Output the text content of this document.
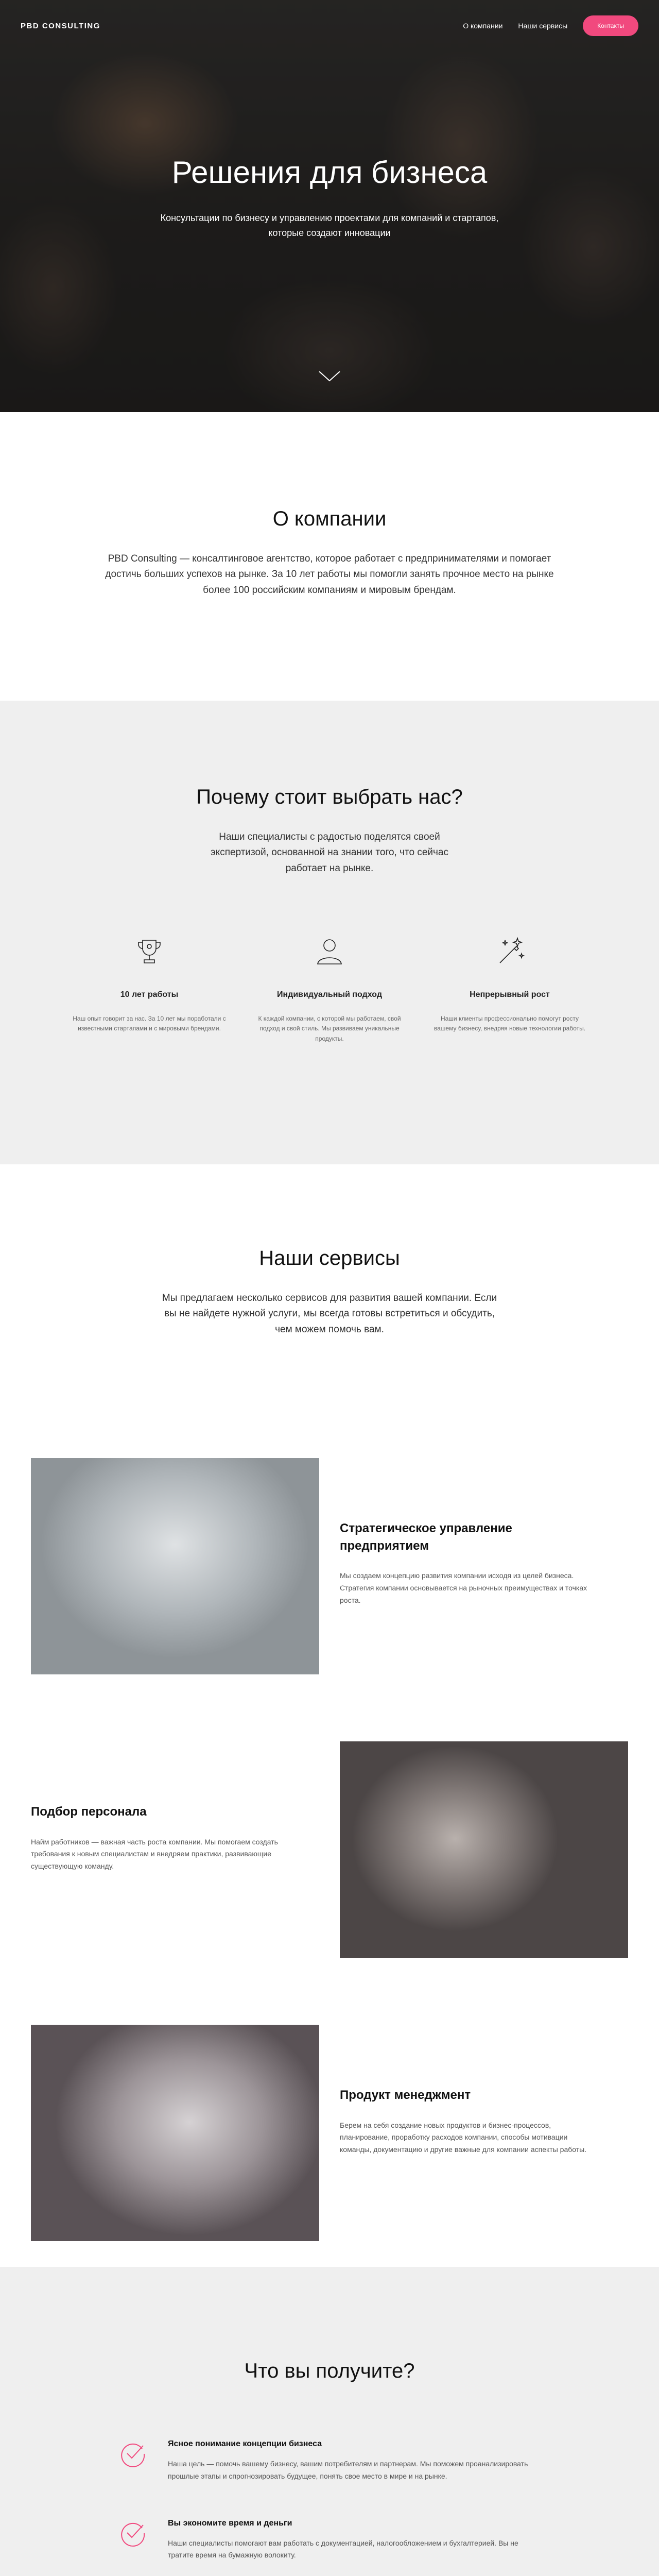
PBD CONSULTING	О компании Наши сервисы	Контакты
Решения для бизнеса

Консультации по бизнесу и управлению проектами для компаний и стартапов, которые создают инновации

О компании

PBD Consulting — консалтинговое агентство, которое работает с предпринимателями и помогает достичь больших успехов на рынке. За 10 лет работы мы помогли занять прочное место на рынке более 100 российским компаниям и мировым брендам.

Почему стоит выбрать нас?

Наши специалисты с радостью поделятся своей экспертизой, основанной на знании того, что сейчас работает на рынке.

10 лет работы
Наш опыт говорит за нас. За 10 лет мы поработали с известными стартапами и с мировыми брендами.
Индивидуальный подход
К каждой компании, с которой мы работаем, свой подход и свой стиль. Мы развиваем уникальные продукты.
Непрерывный рост
Наши клиенты профессионально помогут росту вашему бизнесу, внедряя новые технологии работы.
Наши сервисы

Мы предлагаем несколько сервисов для развития вашей компании. Если вы не найдете нужной услуги, мы всегда готовы встретиться и обсудить, чем можем помочь вам.

Стратегическое управление предприятием
Мы создаем концепцию развития компании исходя из целей бизнеса. Стратегия компании основывается на рыночных преимуществах и точках роста.
Подбор персонала
Найм работников — важная часть роста компании. Мы помогаем создать требования к новым специалистам и внедряем практики, развивающие существующую команду.
Продукт менеджмент
Берем на себя создание новых продуктов и бизнес-процессов, планирование, проработку расходов компании, способы мотивации команды, документацию и другие важные для компании аспекты работы.
Что вы получите?
Ясное понимание концепции бизнеса
Наша цель — помочь вашему бизнесу, вашим потребителям и партнерам. Мы поможем проанализировать прошлые этапы и спрогнозировать будущее, понять свое место в мире и на рынке.
Вы экономите время и деньги
Наши специалисты помогают вам работать с документацией, налогообложением и бухгалтерией. Вы не тратите время на бумажную волокиту.
